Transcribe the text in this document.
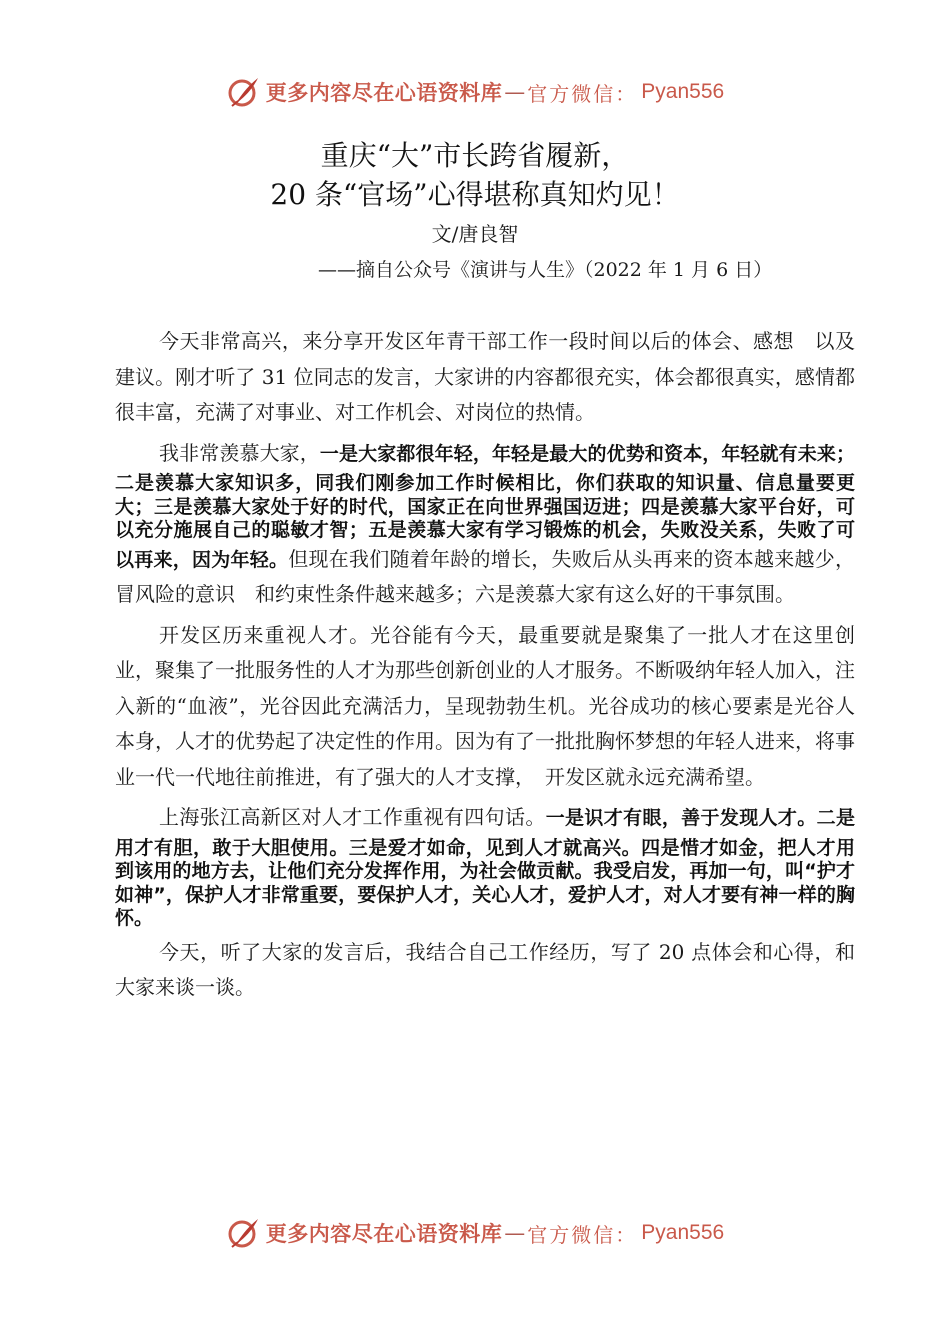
更多内容尽在心语资料库 — 官方微信： Pyan556
重庆“大”市长跨省履新，
20 条“官场”心得堪称真知灼见！
文/唐良智
——摘自公众号《演讲与人生》（2022 年 1 月 6 日）

今天非常高兴，来分享开发区年青干部工作一段时间以后的体会、感想　以及建议。刚才听了 31 位同志的发言，大家讲的内容都很充实，体会都很真实，感情都很丰富，充满了对事业、对工作机会、对岗位的热情。

我非常羡慕大家，一是大家都很年轻，年轻是最大的优势和资本，年轻就有未来；二是羡慕大家知识多，同我们刚参加工作时候相比，你们获取的知识量、信息量要更大；三是羡慕大家处于好的时代，国家正在向世界强国迈进；四是羡慕大家平台好，可以充分施展自己的聪敏才智；五是羡慕大家有学习锻炼的机会，失败没关系，失败了可以再来，因为年轻。但现在我们随着年龄的增长，失败后从头再来的资本越来越少，冒风险的意识　和约束性条件越来越多；六是羡慕大家有这么好的干事氛围。

开发区历来重视人才。光谷能有今天，最重要就是聚集了一批人才在这里创业，聚集了一批服务性的人才为那些创新创业的人才服务。不断吸纳年轻人加入，注入新的“血液”，光谷因此充满活力，呈现勃勃生机。光谷成功的核心要素是光谷人本身，人才的优势起了决定性的作用。因为有了一批批胸怀梦想的年轻人进来，将事业一代一代地往前推进，有了强大的人才支撑，　开发区就永远充满希望。

上海张江高新区对人才工作重视有四句话。一是识才有眼，善于发现人才。二是用才有胆，敢于大胆使用。三是爱才如命，见到人才就高兴。四是惜才如金，把人才用到该用的地方去，让他们充分发挥作用，为社会做贡献。我受启发，再加一句，叫“护才如神”，保护人才非常重要，要保护人才，关心人才，爱护人才，对人才要有神一样的胸怀。

今天，听了大家的发言后，我结合自己工作经历，写了 20 点体会和心得，和大家来谈一谈。

更多内容尽在心语资料库 — 官方微信： Pyan556
